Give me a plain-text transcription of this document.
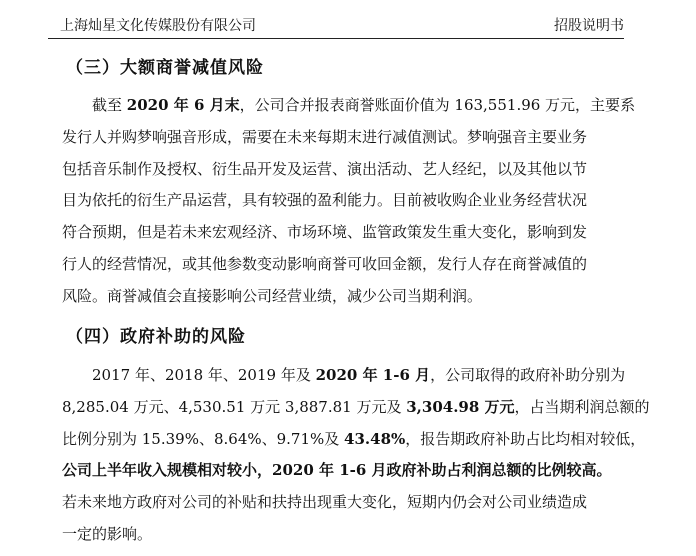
上海灿星文化传媒股份有限公司	招股说明书
（三）大额商誉减值风险
截至 2020 年 6 月末，公司合并报表商誉账面价值为 163,551.96 万元，主要系
发行人并购梦响强音形成，需要在未来每期末进行减值测试。梦响强音主要业务
包括音乐制作及授权、衍生品开发及运营、演出活动、艺人经纪，以及其他以节
目为依托的衍生产品运营，具有较强的盈利能力。目前被收购企业业务经营状况
符合预期，但是若未来宏观经济、市场环境、监管政策发生重大变化，影响到发
行人的经营情况，或其他参数变动影响商誉可收回金额，发行人存在商誉减值的
风险。商誉减值会直接影响公司经营业绩，减少公司当期利润。
（四）政府补助的风险
2017 年、2018 年、2019 年及 2020 年 1-6 月，公司取得的政府补助分别为
8,285.04 万元、4,530.51 万元 3,887.81 万元及 3,304.98 万元，占当期利润总额的
比例分别为 15.39%、8.64%、9.71%及 43.48%，报告期政府补助占比均相对较低，
公司上半年收入规模相对较小，2020 年 1-6 月政府补助占利润总额的比例较高。
若未来地方政府对公司的补贴和扶持出现重大变化，短期内仍会对公司业绩造成
一定的影响。
